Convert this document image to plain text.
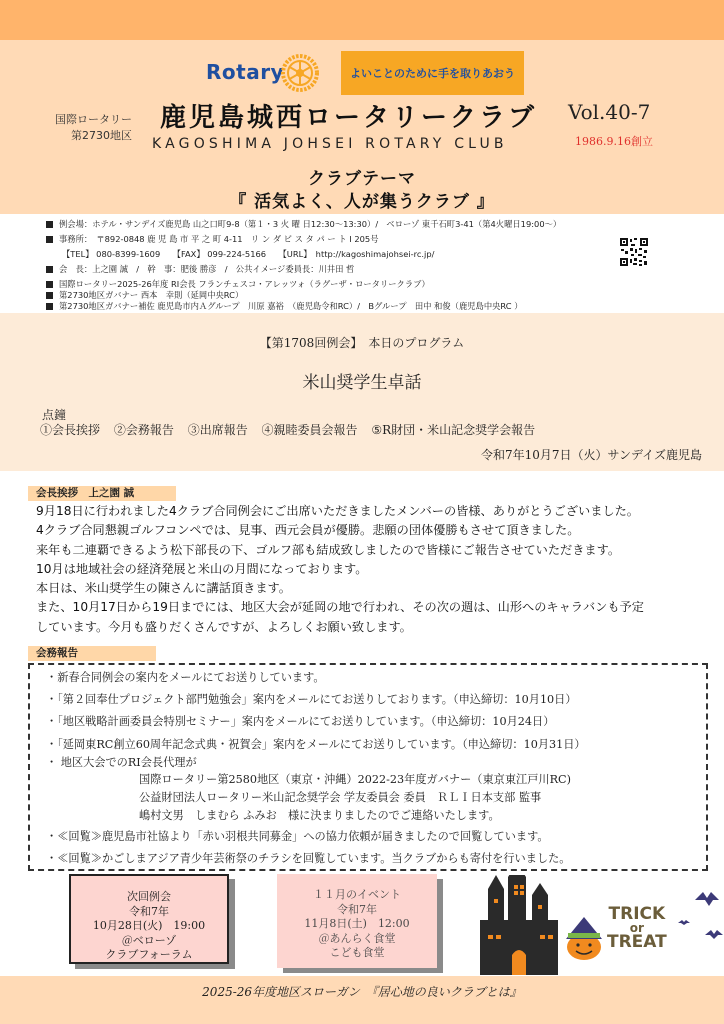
Rotary	よいことのために手を取りあおう
国際ロータリー
第2730地区
鹿児島城西ロータリークラブ
KAGOSHIMA JOHSEI ROTARY CLUB
Vol.40-7
1986.9.16創立
クラブテーマ
『 活気よく、人が集うクラブ 』
例会場：ホテル・サンデイズ鹿児島 山之口町9-8（第１・3 火 曜 日12:30～13:30）/　ベローゾ 東千石町3-41（第4火曜日19:00～）
事務所：　〒892-0848 鹿 児 島 市 平 之 町 4-11　リ ン ダ ビ ス タ パ ー ト Ⅰ 205号
【TEL】 080-8399-1609　　【FAX】 099-224-5166　　【URL】　http://kagoshimajohsei-rc.jp/
会　長：上之園 誠　/　幹　事：肥後 勝彦　/　公共イメージ委員長：川井田 哲
国際ロータリー2025-26年度 RI会長 フランチェスコ・アレッツォ（ラグーザ・ロータリークラブ）
第2730地区ガバナー 西本　幸則（延岡中央RC）
第2730地区ガバナー補佐 鹿児島市内Ａグループ　川原 嘉裕　（鹿児島令和RC）/　Bグループ　田中 和俊（鹿児島中央RC ）
【第1708回例会】　本日のプログラム
米山奨学生卓話
点鐘
①会長挨拶 ②会務報告 ③出席報告 ④親睦委員会報告 ⑤R財団・米山記念奨学会報告
令和7年10月7日（火）サンデイズ鹿児島
会長挨拶　上之園 誠
9月18日に行われました4クラブ合同例会にご出席いただきましたメンバーの皆様、ありがとうございました。
4クラブ合同懇親ゴルフコンペでは、見事、西元会員が優勝。悲願の団体優勝もさせて頂きました。
来年も二連覇できるよう松下部長の下、ゴルフ部も結成致しましたので皆様にご報告させていただきます。
10月は地域社会の経済発展と米山の月間になっております。
本日は、米山奨学生の陳さんに講話頂きます。
また、10月17日から19日までには、地区大会が延岡の地で行われ、その次の週は、山形へのキャラバンも予定
しています。今月も盛りだくさんですが、よろしくお願い致します。
会務報告
・新春合同例会の案内をメールにてお送りしています。
・「第２回奉仕プロジェクト部門勉強会」案内をメールにてお送りしております。（申込締切：10月10日）
・「地区戦略計画委員会特別セミナー」案内をメールにてお送りしています。（申込締切：10月24日）
・「延岡東RC創立60周年記念式典・祝賀会」案内をメールにてお送りしています。（申込締切：10月31日）
・ 地区大会でのRI会長代理が
国際ロータリー第2580地区（東京・沖縄）2022-23年度ガバナー（東京東江戸川RC)
公益財団法人ロータリー米山記念奨学会 学友委員会 委員　ＲＬＩ日本支部 監事
嶋村文男　しまむら ふみお　様に決まりましたのでご連絡いたします。
・≪回覧≫鹿児島市社協より「赤い羽根共同募金」への協力依頼が届きましたので回覧しています。
・≪回覧≫かごしまアジア青少年芸術祭のチラシを回覧しています。当クラブからも寄付を行いました。
次回例会
令和7年
10月28日(火)　19:00
＠ベローゾ
クラブフォーラム
１１月のイベント
令和7年
11月8日(土)　12:00
＠あんらく食堂
こども食堂
TRICK
or
TREAT
2025-26年度地区スローガン　『居心地の良いクラブとは』
